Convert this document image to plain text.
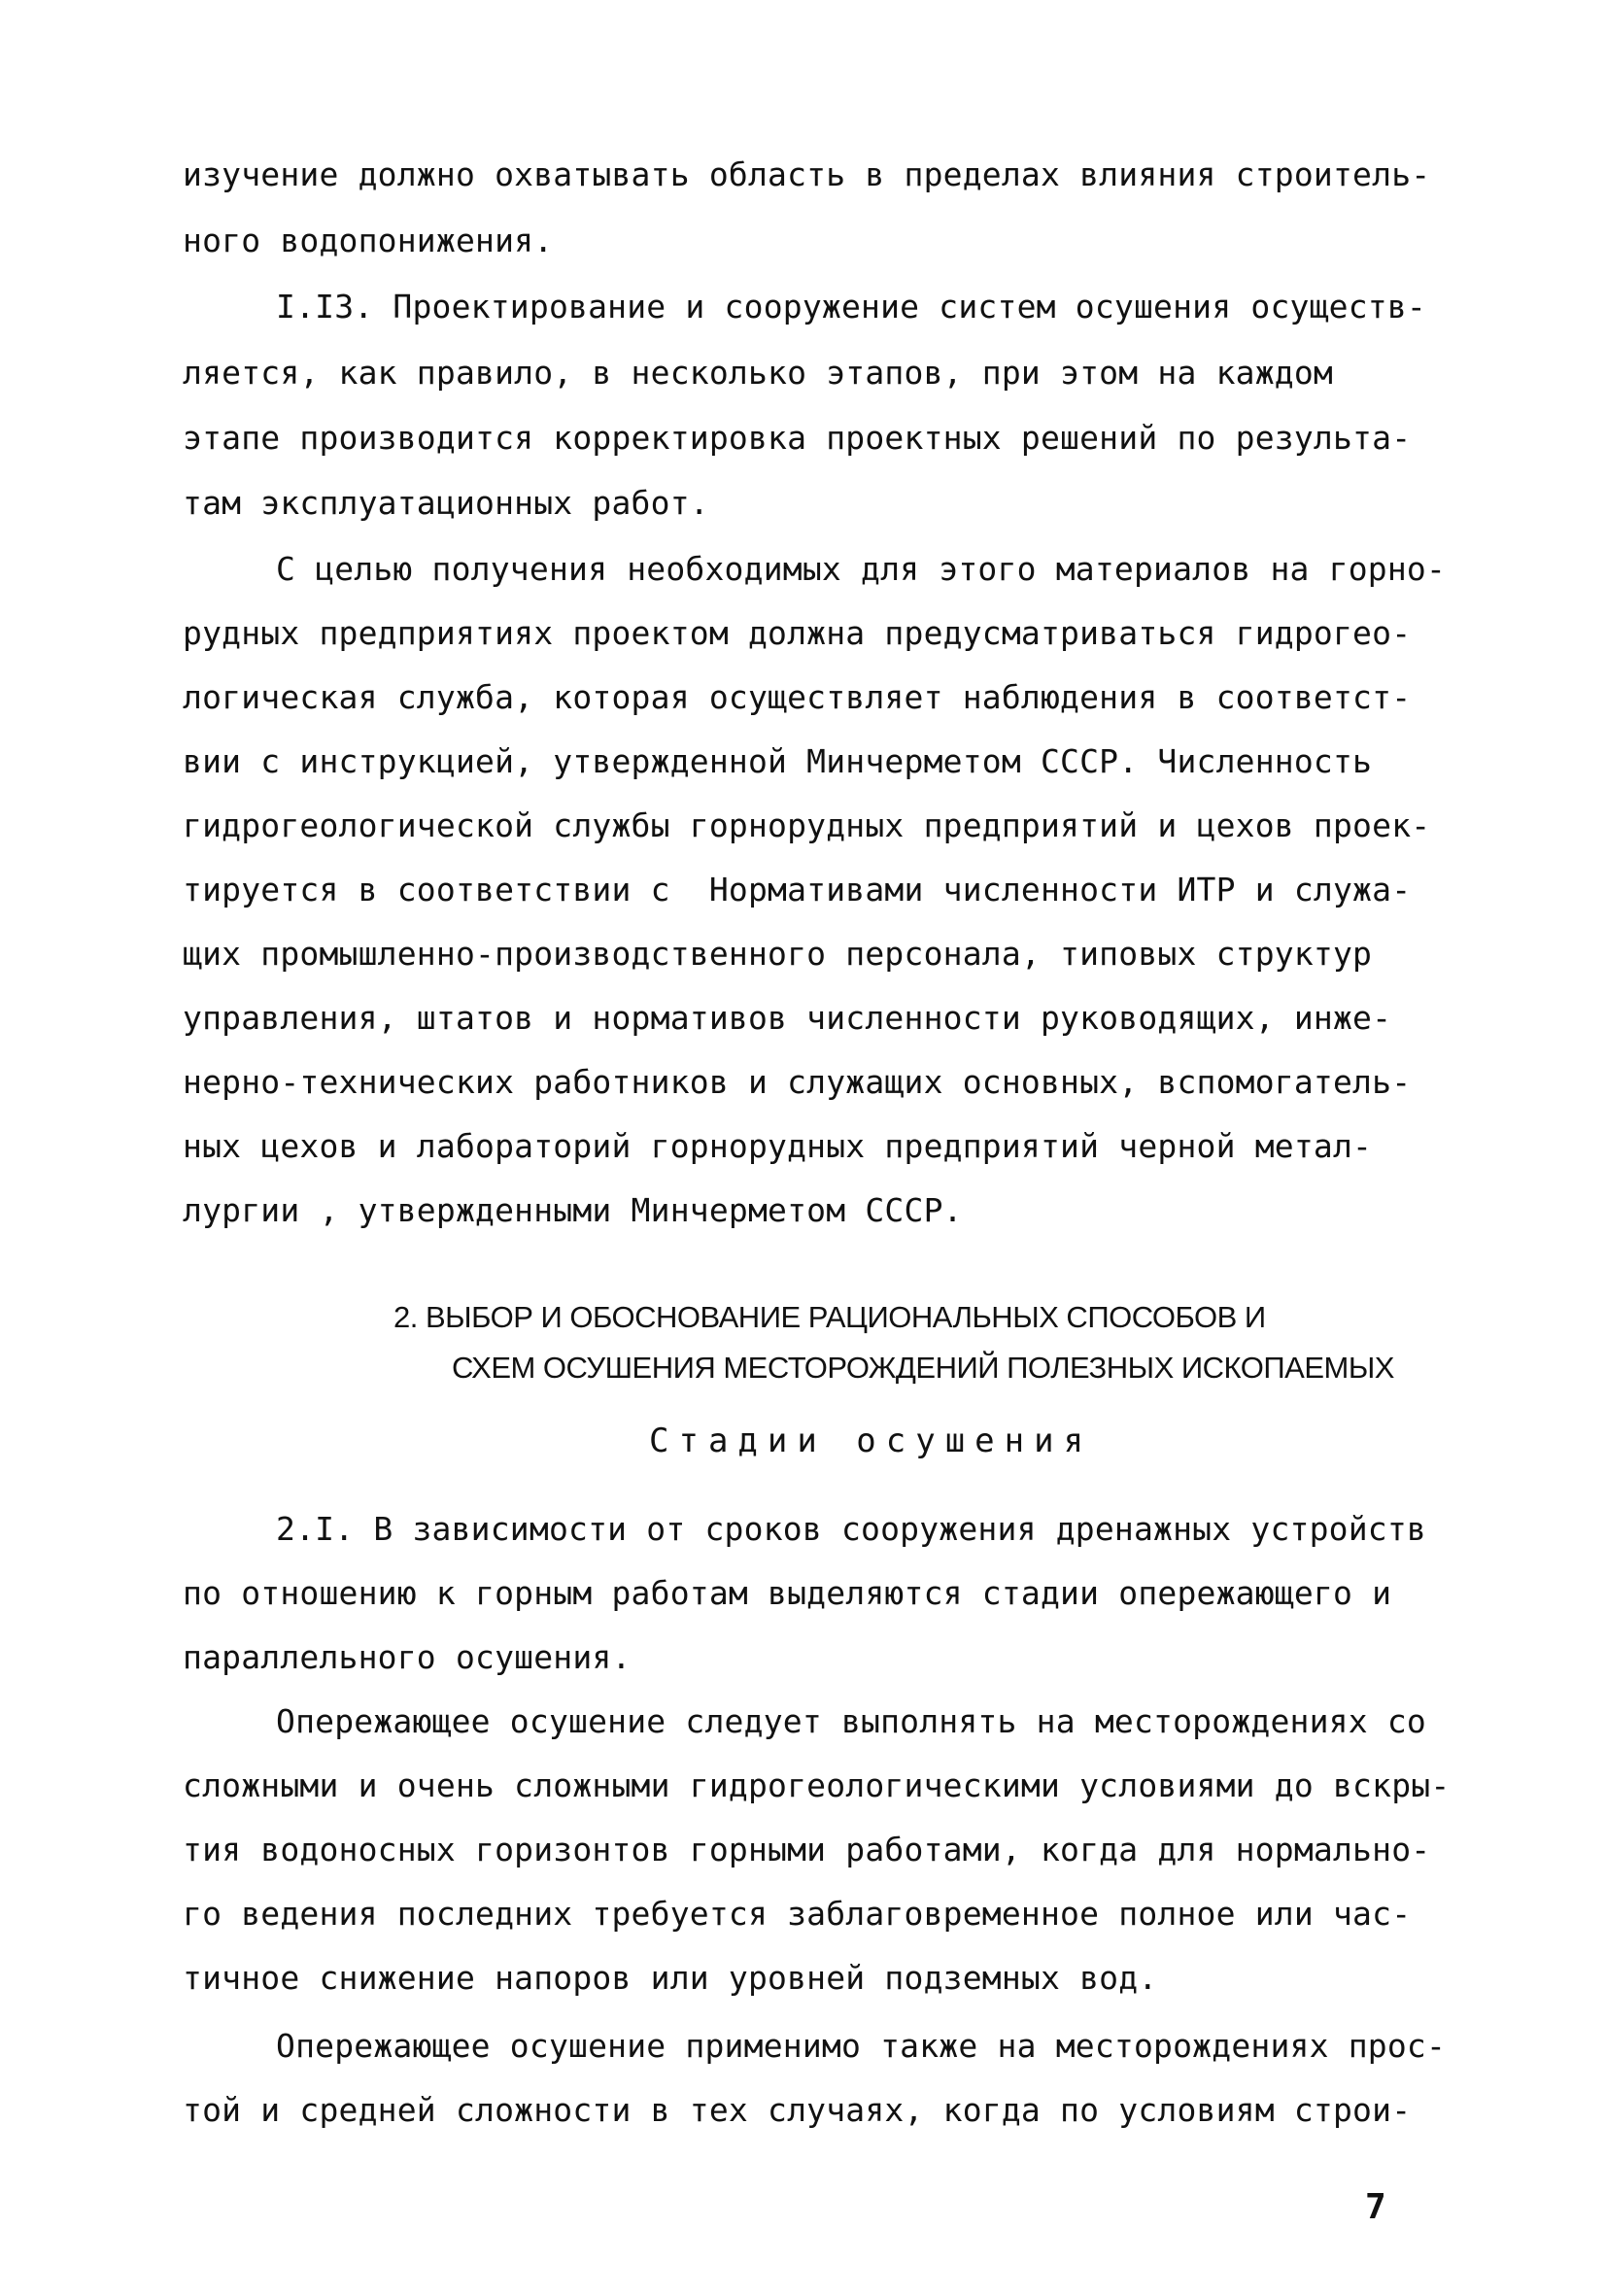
изучение должно охватывать область в пределах влияния строитель-
ного водопонижения.
I.I3. Проектирование и сооружение систем осушения осуществ-
ляется, как правило, в несколько этапов, при этом на каждом
этапе производится корректировка проектных решений по результа-
там эксплуатационных работ.
С целью получения необходимых для этого материалов на горно-
рудных предприятиях проектом должна предусматриваться гидрогео-
логическая служба, которая осуществляет наблюдения в соответст-
вии с инструкцией, утвержденной Минчерметом СССР. Численность
гидрогеологической службы горнорудных предприятий и цехов проек-
тируется в соответствии с  Нормативами численности ИТР и служа-
щих промышленно-производственного персонала, типовых структур
управления, штатов и нормативов численности руководящих, инже-
нерно-технических работников и служащих основных, вспомогатель-
ных цехов и лабораторий горнорудных предприятий черной метал-
лургии , утвержденными Минчерметом СССР.
2. ВЫБОР И ОБОСНОВАНИЕ РАЦИОНАЛЬНЫХ СПОСОБОВ И
СХЕМ ОСУШЕНИЯ МЕСТОРОЖДЕНИЙ ПОЛЕЗНЫХ ИСКОПАЕМЫХ
Стадии осушения
2.I. В зависимости от сроков сооружения дренажных устройств
по отношению к горным работам выделяются стадии опережающего и
параллельного осушения.
Опережающее осушение следует выполнять на месторождениях со
сложными и очень сложными гидрогеологическими условиями до вскры-
тия водоносных горизонтов горными работами, когда для нормально-
го ведения последних требуется заблаговременное полное или час-
тичное снижение напоров или уровней подземных вод.
Опережающее осушение применимо также на месторождениях прос-
той и средней сложности в тех случаях, когда по условиям строи-
7
